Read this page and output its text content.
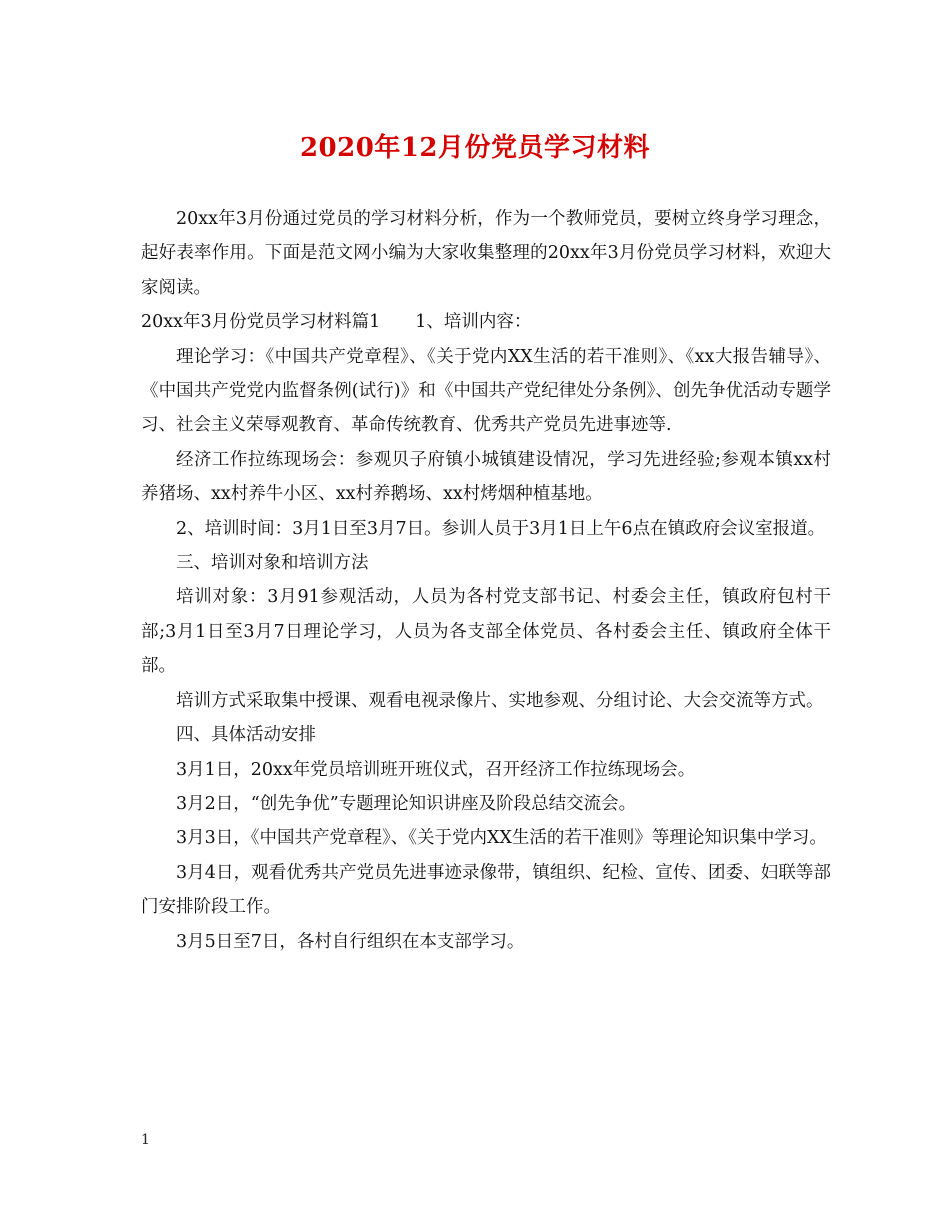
2020年12月份党员学习材料

20xx年3月份通过党员的学习材料分析，作为一个教师党员，要树立终身学习理念，起好表率作用。下面是范文网小编为大家收集整理的20xx年3月份党员学习材料，欢迎大家阅读。

20xx年3月份党员学习材料篇1　　1、培训内容：

理论学习：《中国共产党章程》、《关于党内XX生活的若干准则》、《xx大报告辅导》、《中国共产党党内监督条例(试行)》和《中国共产党纪律处分条例》、创先争优活动专题学习、社会主义荣辱观教育、革命传统教育、优秀共产党员先进事迹等.

经济工作拉练现场会：参观贝子府镇小城镇建设情况，学习先进经验;参观本镇xx村养猪场、xx村养牛小区、xx村养鹅场、xx村烤烟种植基地。

2、培训时间：3月1日至3月7日。参训人员于3月1日上午6点在镇政府会议室报道。

三、培训对象和培训方法

培训对象：3月91参观活动，人员为各村党支部书记、村委会主任，镇政府包村干部;3月1日至3月7日理论学习，人员为各支部全体党员、各村委会主任、镇政府全体干部。

培训方式采取集中授课、观看电视录像片、实地参观、分组讨论、大会交流等方式。

四、具体活动安排

3月1日，20xx年党员培训班开班仪式，召开经济工作拉练现场会。

3月2日，“创先争优”专题理论知识讲座及阶段总结交流会。

3月3日，《中国共产党章程》、《关于党内XX生活的若干准则》等理论知识集中学习。

3月4日，观看优秀共产党员先进事迹录像带，镇组织、纪检、宣传、团委、妇联等部门安排阶段工作。

3月5日至7日，各村自行组织在本支部学习。

1
